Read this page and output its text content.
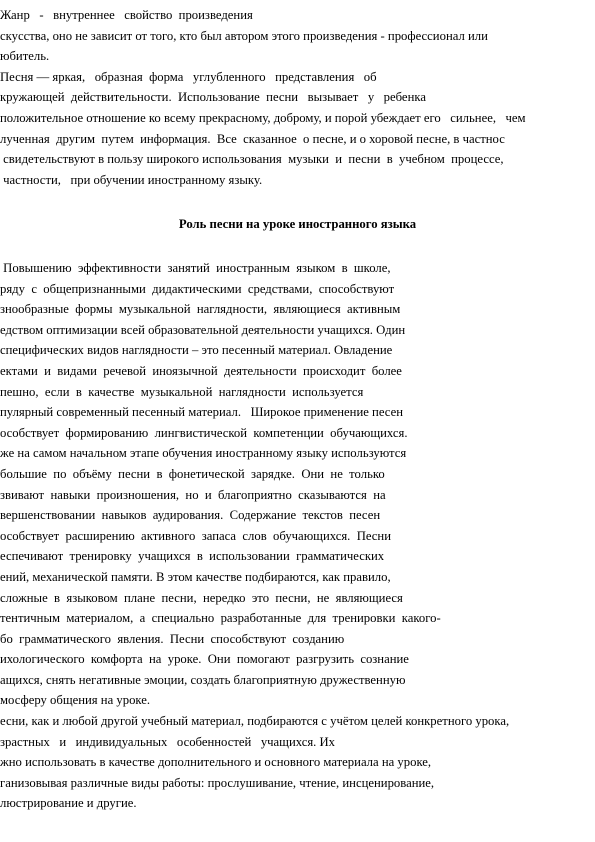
Жанр   -   внутреннее   свойство  произведения
скусства, оно не зависит от того, кто был автором этого произведения - профессионал или
юбитель.
Песня — яркая,   образная  форма   углубленного   представления   об
кружающей  действительности.  Использование  песни   вызывает   у   ребенка
положительное отношение ко всему прекрасному, доброму, и порой убеждает его   сильнее,   чем
лученная  другим  путем  информация.  Все  сказанное  о песне, и о хоровой песне, в частнос
свидетельствуют в пользу широкого использования  музыки  и  песни  в  учебном  процессе,
частности,   при обучении иностранному языку.
Роль песни на уроке иностранного языка
Повышению  эффективности  занятий  иностранным  языком  в  школе,
ряду  с  общепризнанными  дидактическими  средствами,  способствуют
знообразные  формы  музыкальной  наглядности,  являющиеся  активным
едством оптимизации всей образовательной деятельности учащихся. Один
специфических видов наглядности – это песенный материал. Овладение
ектами  и  видами  речевой  иноязычной  деятельности  происходит  более
пешно,  если  в  качестве  музыкальной  наглядности  используется
пулярный современный песенный материал.   Широкое применение песен
особствует  формированию  лингвистической  компетенции  обучающихся.
же на самом начальном этапе обучения иностранному языку используются
большие  по  объёму  песни  в  фонетической  зарядке.  Они  не  только
звивают  навыки  произношения,  но  и  благоприятно  сказываются  на
вершенствовании  навыков  аудирования.  Содержание  текстов  песен
особствует  расширению  активного  запаса  слов  обучающихся.  Песни
еспечивают  тренировку  учащихся  в  использовании  грамматических
ений, механической памяти. В этом качестве подбираются, как правило,
сложные  в  языковом  плане  песни,  нередко  это  песни,  не  являющиеся
тентичным  материалом,  а  специально  разработанные  для  тренировки  какого-
бо  грамматического  явления.  Песни  способствуют  созданию
ихологического  комфорта  на  уроке.  Они  помогают  разгрузить  сознание
ащихся, снять негативные эмоции, создать благоприятную дружественную
мосферу общения на уроке.
есни, как и любой другой учебный материал, подбираются с учётом целей конкретного урока,
зрастных   и   индивидуальных   особенностей   учащихся. Их
жно использовать в качестве дополнительного и основного материала на уроке,
ганизовывая различные виды работы: прослушивание, чтение, инсценирование,
люстрирование и другие.
